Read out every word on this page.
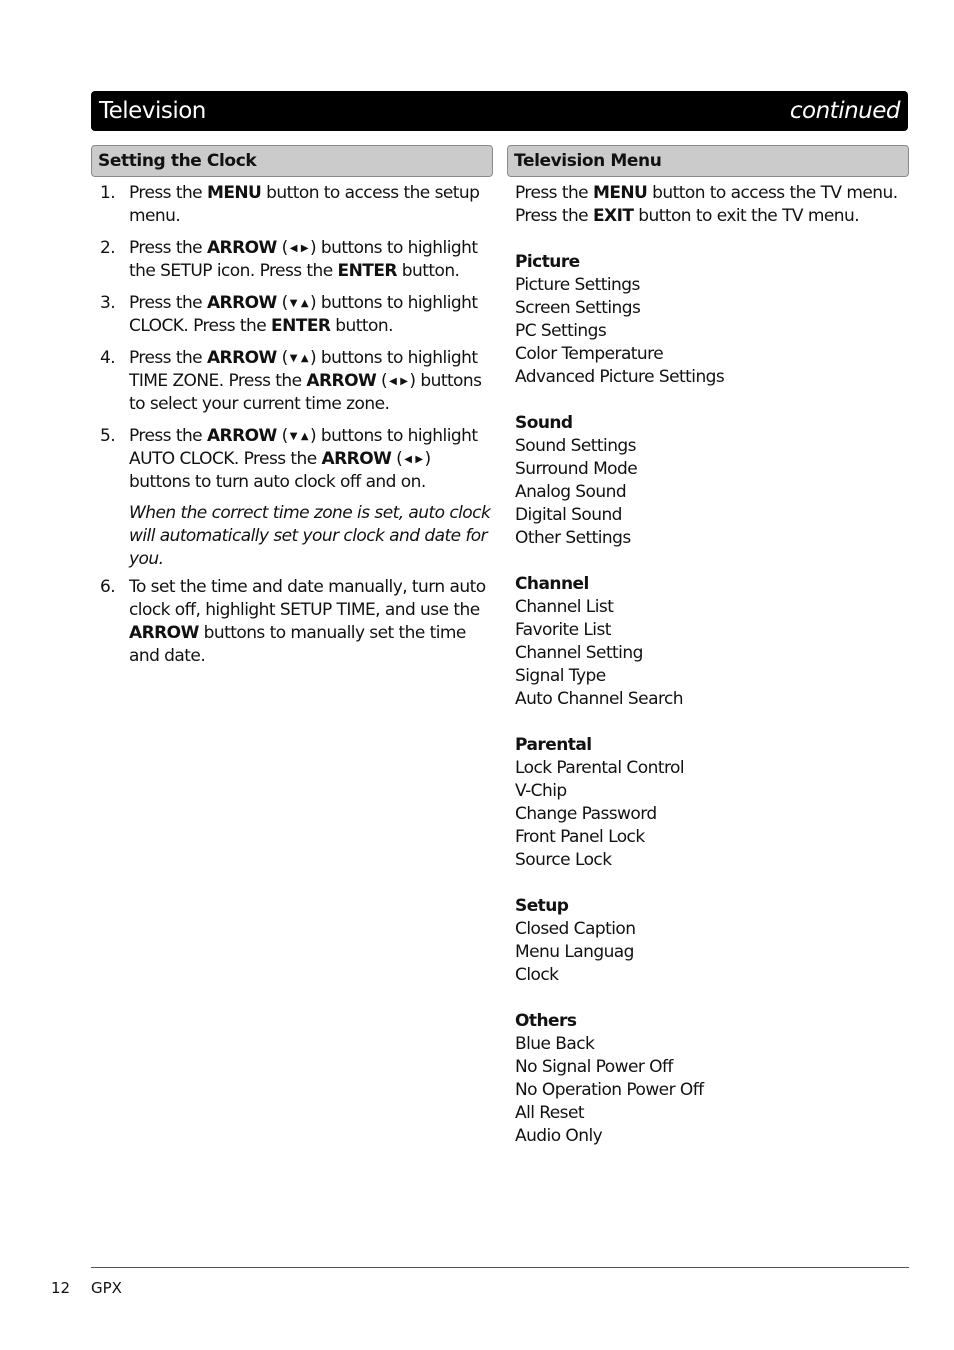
Television	continued
Setting the Clock	Television Menu
1. Press the MENU button to access the setup menu.
2. Press the ARROW ( ◀ ▶ ) buttons to highlight the SETUP icon. Press the ENTER button.
3. Press the ARROW ( ▼ ▲ ) buttons to highlight CLOCK. Press the ENTER button.
4. Press the ARROW ( ▼ ▲ ) buttons to highlight TIME ZONE. Press the ARROW ( ◀ ▶ ) buttons to select your current time zone.
5. Press the ARROW ( ▼ ▲ ) buttons to highlight AUTO CLOCK. Press the ARROW ( ◀ ▶ ) buttons to turn auto clock off and on.
When the correct time zone is set, auto clock will automatically set your clock and date for you.
6. To set the time and date manually, turn auto clock off, highlight SETUP TIME, and use the ARROW buttons to manually set the time and date.
Press the MENU button to access the TV menu.
Press the EXIT button to exit the TV menu.
Picture
Picture Settings
Screen Settings
PC Settings
Color Temperature
Advanced Picture Settings
Sound
Sound Settings
Surround Mode
Analog Sound
Digital Sound
Other Settings
Channel
Channel List
Favorite List
Channel Setting
Signal Type
Auto Channel Search
Parental
Lock Parental Control
V-Chip
Change Password
Front Panel Lock
Source Lock
Setup
Closed Caption
Menu Languag
Clock
Others
Blue Back
No Signal Power Off
No Operation Power Off
All Reset
Audio Only
12 GPX
